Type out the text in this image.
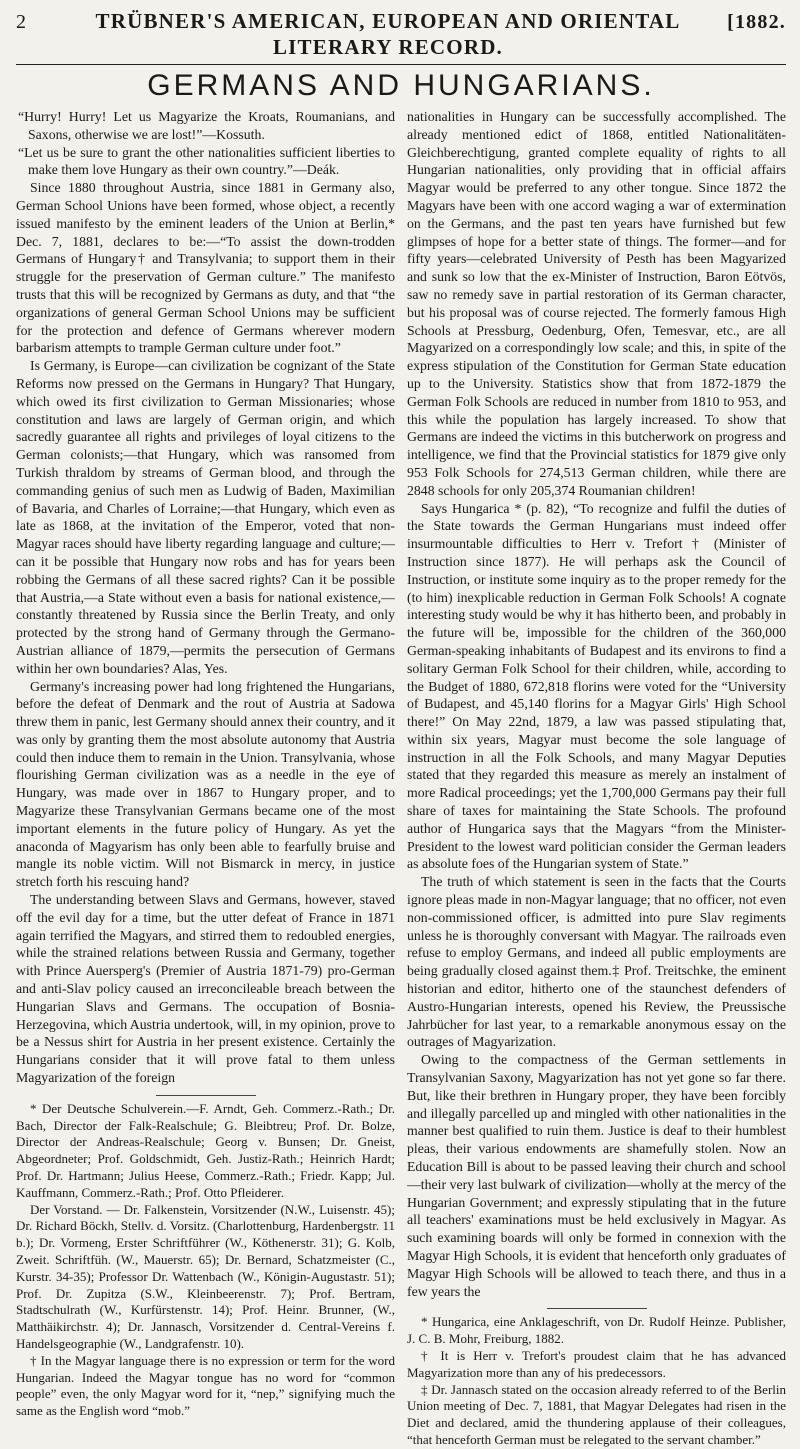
2	TRÜBNER'S AMERICAN, EUROPEAN AND ORIENTAL LITERARY RECORD.
[1882.
GERMANS AND HUNGARIANS.

“Hurry! Hurry! Let us Magyarize the Kroats, Roumanians, and Saxons, otherwise we are lost!”—Kossuth.

“Let us be sure to grant the other nationalities sufficient liberties to make them love Hungary as their own country.”—Deák.

Since 1880 throughout Austria, since 1881 in Germany also, German School Unions have been formed, whose object, a recently issued manifesto by the eminent leaders of the Union at Berlin,* Dec. 7, 1881, declares to be:—“To assist the down-trodden Germans of Hungary† and Transylvania; to support them in their struggle for the preservation of German culture.” The manifesto trusts that this will be recognized by Germans as duty, and that “the organizations of general German School Unions may be sufficient for the protection and defence of Germans wherever modern barbarism attempts to trample German culture under foot.”

Is Germany, is Europe—can civilization be cognizant of the State Reforms now pressed on the Germans in Hungary? That Hungary, which owed its first civilization to German Missionaries; whose constitution and laws are largely of German origin, and which sacredly guarantee all rights and privileges of loyal citizens to the German colonists;—that Hungary, which was ransomed from Turkish thraldom by streams of German blood, and through the commanding genius of such men as Ludwig of Baden, Maximilian of Bavaria, and Charles of Lorraine;—that Hungary, which even as late as 1868, at the invitation of the Emperor, voted that non-Magyar races should have liberty regarding language and culture;—can it be possible that Hungary now robs and has for years been robbing the Germans of all these sacred rights? Can it be possible that Austria,—a State without even a basis for national existence,—constantly threatened by Russia since the Berlin Treaty, and only protected by the strong hand of Germany through the Germano-Austrian alliance of 1879,—permits the persecution of Germans within her own boundaries? Alas, Yes.

Germany's increasing power had long frightened the Hungarians, before the defeat of Denmark and the rout of Austria at Sadowa threw them in panic, lest Germany should annex their country, and it was only by granting them the most absolute autonomy that Austria could then induce them to remain in the Union. Transylvania, whose flourishing German civilization was as a needle in the eye of Hungary, was made over in 1867 to Hungary proper, and to Magyarize these Transylvanian Germans became one of the most important elements in the future policy of Hungary. As yet the anaconda of Magyarism has only been able to fearfully bruise and mangle its noble victim. Will not Bismarck in mercy, in justice stretch forth his rescuing hand?

The understanding between Slavs and Germans, however, staved off the evil day for a time, but the utter defeat of France in 1871 again terrified the Magyars, and stirred them to redoubled energies, while the strained relations between Russia and Germany, together with Prince Auersperg's (Premier of Austria 1871-79) pro-German and anti-Slav policy caused an irreconcileable breach between the Hungarian Slavs and Germans. The occupation of Bosnia-Herzegovina, which Austria undertook, will, in my opinion, prove to be a Nessus shirt for Austria in her present existence. Certainly the Hungarians consider that it will prove fatal to them unless Magyarization of the foreign

* Der Deutsche Schulverein.—F. Arndt, Geh. Commerz.-Rath.; Dr. Bach, Director der Falk-Realschule; G. Bleibtreu; Prof. Dr. Bolze, Director der Andreas-Realschule; Georg v. Bunsen; Dr. Gneist, Abgeordneter; Prof. Goldschmidt, Geh. Justiz-Rath.; Heinrich Hardt; Prof. Dr. Hartmann; Julius Heese, Commerz.-Rath.; Friedr. Kapp; Jul. Kauffmann, Commerz.-Rath.; Prof. Otto Pfleiderer.

Der Vorstand. — Dr. Falkenstein, Vorsitzender (N.W., Luisenstr. 45); Dr. Richard Böckh, Stellv. d. Vorsitz. (Charlottenburg, Hardenbergstr. 11 b.); Dr. Vormeng, Erster Schriftführer (W., Köthenerstr. 31); G. Kolb, Zweit. Schriftfüh. (W., Mauerstr. 65); Dr. Bernard, Schatzmeister (C., Kurstr. 34-35); Professor Dr. Wattenbach (W., Königin-Augustastr. 51); Prof. Dr. Zupitza (S.W., Kleinbeerenstr. 7); Prof. Bertram, Stadtschulrath (W., Kurfürstenstr. 14); Prof. Heinr. Brunner, (W., Matthäikirchstr. 4); Dr. Jannasch, Vorsitzender d. Central-Vereins f. Handelsgeographie (W., Landgrafenstr. 10).

† In the Magyar language there is no expression or term for the word Hungarian. Indeed the Magyar tongue has no word for “common people” even, the only Magyar word for it, “nep,” signifying much the same as the English word “mob.”

nationalities in Hungary can be successfully accomplished. The already mentioned edict of 1868, entitled Nationalitäten-Gleichberechtigung, granted complete equality of rights to all Hungarian nationalities, only providing that in official affairs Magyar would be preferred to any other tongue. Since 1872 the Magyars have been with one accord waging a war of extermination on the Germans, and the past ten years have furnished but few glimpses of hope for a better state of things. The former—and for fifty years—celebrated University of Pesth has been Magyarized and sunk so low that the ex-Minister of Instruction, Baron Eötvös, saw no remedy save in partial restoration of its German character, but his proposal was of course rejected. The formerly famous High Schools at Pressburg, Oedenburg, Ofen, Temesvar, etc., are all Magyarized on a correspondingly low scale; and this, in spite of the express stipulation of the Constitution for German State education up to the University. Statistics show that from 1872-1879 the German Folk Schools are reduced in number from 1810 to 953, and this while the population has largely increased. To show that Germans are indeed the victims in this butcherwork on progress and intelligence, we find that the Provincial statistics for 1879 give only 953 Folk Schools for 274,513 German children, while there are 2848 schools for only 205,374 Roumanian children!

Says Hungarica * (p. 82), “To recognize and fulfil the duties of the State towards the German Hungarians must indeed offer insurmountable difficulties to Herr v. Trefort † (Minister of Instruction since 1877). He will perhaps ask the Council of Instruction, or institute some inquiry as to the proper remedy for the (to him) inexplicable reduction in German Folk Schools! A cognate interesting study would be why it has hitherto been, and probably in the future will be, impossible for the children of the 360,000 German-speaking inhabitants of Budapest and its environs to find a solitary German Folk School for their children, while, according to the Budget of 1880, 672,818 florins were voted for the “University of Budapest, and 45,140 florins for a Magyar Girls' High School there!” On May 22nd, 1879, a law was passed stipulating that, within six years, Magyar must become the sole language of instruction in all the Folk Schools, and many Magyar Deputies stated that they regarded this measure as merely an instalment of more Radical proceedings; yet the 1,700,000 Germans pay their full share of taxes for maintaining the State Schools. The profound author of Hungarica says that the Magyars “from the Minister-President to the lowest ward politician consider the German leaders as absolute foes of the Hungarian system of State.”

The truth of which statement is seen in the facts that the Courts ignore pleas made in non-Magyar language; that no officer, not even non-commissioned officer, is admitted into pure Slav regiments unless he is thoroughly conversant with Magyar. The railroads even refuse to employ Germans, and indeed all public employments are being gradually closed against them.‡ Prof. Treitschke, the eminent historian and editor, hitherto one of the staunchest defenders of Austro-Hungarian interests, opened his Review, the Preussische Jahrbücher for last year, to a remarkable anonymous essay on the outrages of Magyarization.

Owing to the compactness of the German settlements in Transylvanian Saxony, Magyarization has not yet gone so far there. But, like their brethren in Hungary proper, they have been forcibly and illegally parcelled up and mingled with other nationalities in the manner best qualified to ruin them. Justice is deaf to their humblest pleas, their various endowments are shamefully stolen. Now an Education Bill is about to be passed leaving their church and school—their very last bulwark of civilization—wholly at the mercy of the Hungarian Government; and expressly stipulating that in the future all teachers' examinations must be held exclusively in Magyar. As such examining boards will only be formed in connexion with the Magyar High Schools, it is evident that henceforth only graduates of Magyar High Schools will be allowed to teach there, and thus in a few years the

* Hungarica, eine Anklageschrift, von Dr. Rudolf Heinze. Publisher, J. C. B. Mohr, Freiburg, 1882.

† It is Herr v. Trefort's proudest claim that he has advanced Magyarization more than any of his predecessors.

‡ Dr. Jannasch stated on the occasion already referred to of the Berlin Union meeting of Dec. 7, 1881, that Magyar Delegates had risen in the Diet and declared, amid the thundering applause of their colleagues, “that henceforth German must be relegated to the servant chamber.”
